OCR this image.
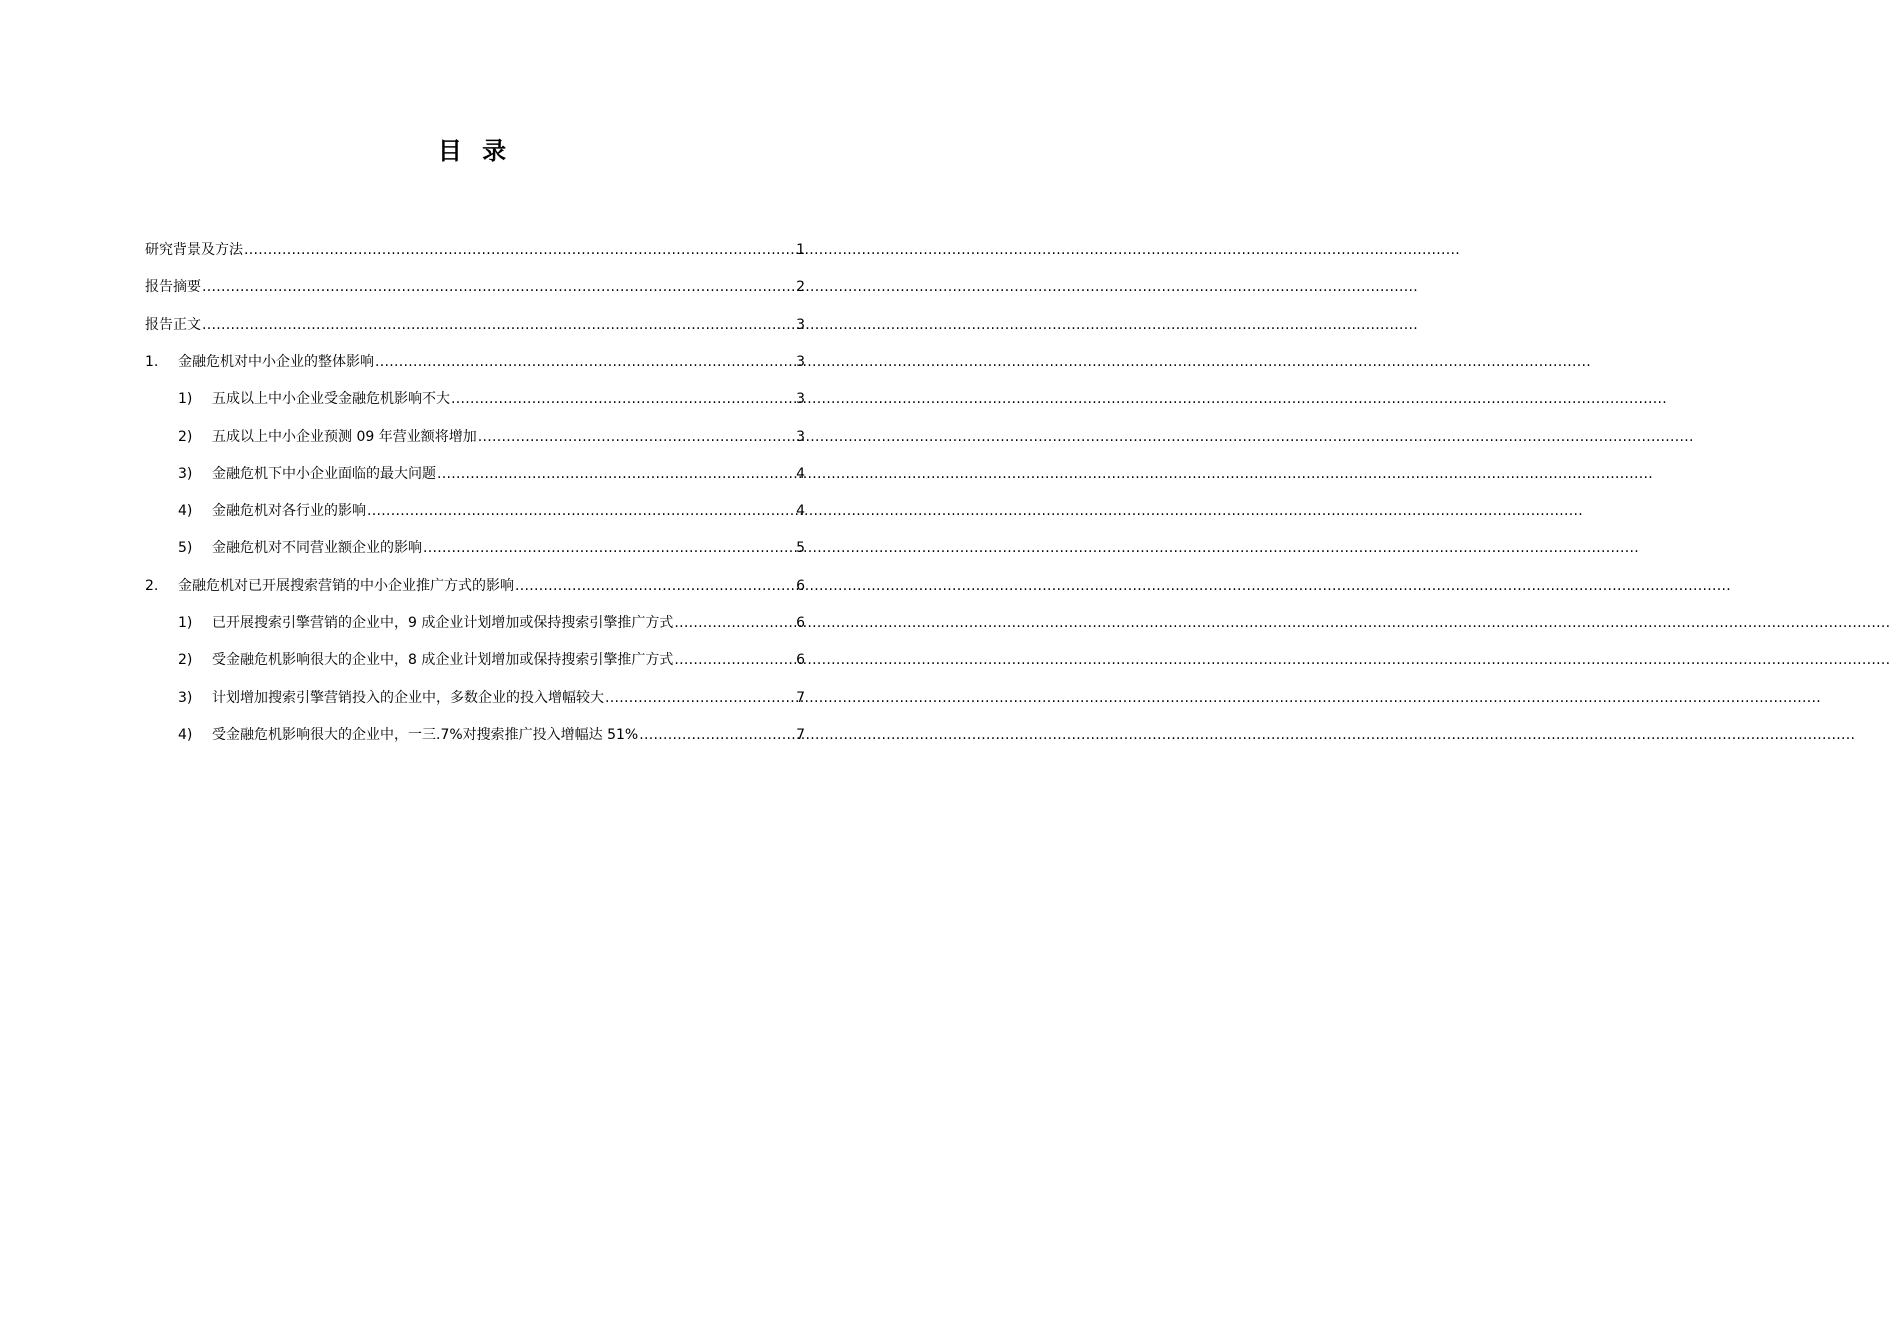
目 录
研究背景及方法 .....	1
报告摘要 .....	2
报告正文 .....	3
1.	金融危机对中小企业的整体影响 .....	3
1)	五成以上中小企业受金融危机影响不大 .....	3
2)	五成以上中小企业预测 09 年营业额将增加 .....	3
3)	金融危机下中小企业面临的最大问题 .....	4
4)	金融危机对各行业的影响 .....	4
5)	金融危机对不同营业额企业的影响 .....	5
2.	金融危机对已开展搜索营销的中小企业推广方式的影响 .....	6
1)	已开展搜索引擎营销的企业中，9 成企业计划增加或保持搜索引擎推广方式 .....	6
2)	受金融危机影响很大的企业中，8 成企业计划增加或保持搜索引擎推广方式 .....	6
3)	计划增加搜索引擎营销投入的企业中，多数企业的投入增幅较大 .....	7
4)	受金融危机影响很大的企业中，一三.7%对搜索推广投入增幅达 51% .....	7
